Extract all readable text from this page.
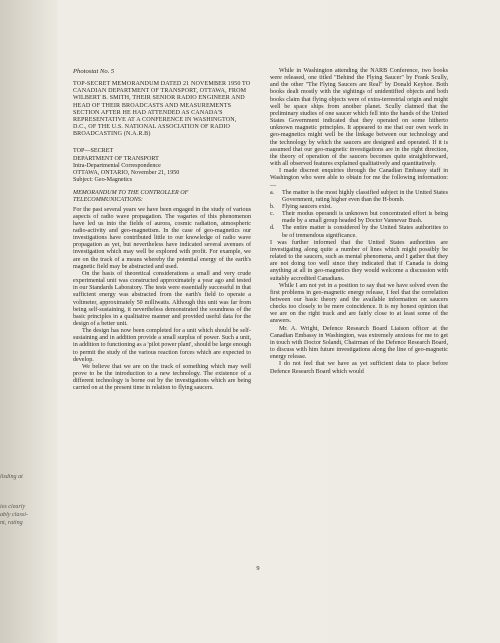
llsding at
ies clearly
ably classi-
nt, rating

Photostat No. 5

TOP-SECRET MEMORANDUM DATED 21 NOVEMBER 1950 TO CANADIAN DEPARTMENT OF TRANSPORT, OTTAWA, FROM WILBERT B. SMITH, THEIR SENIOR RADIO ENGINEER AND HEAD OF THEIR BROADCASTS AND MEASUREMENTS SECTION AFTER HE HAD ATTENDED AS CANADA'S REPRESENTATIVE AT A CONFERENCE IN WASHINGTON, D.C., OF THE U.S. NATIONAL ASSOCIATION OF RADIO BROADCASTING (N.A.R.B)

TOP—SECRET

DEPARTMENT OF TRANSPORT

Intra-Departmental Correspondence

OTTAWA, ONTARIO, November 21, 1950

Subject: Geo-Magnetics

MEMORANDUM TO THE CONTROLLER OF TELECOMMUNICATIONS:

For the past several years we have been engaged in the study of various aspects of radio wave propagation. The vagaries of this phenomenon have led us into the fields of aurora, cosmic radiation, atmospheric radio-activity and geo-magnetism. In the case of geo-magnetics our investigations have contributed little to our knowledge of radio wave propagation as yet, but nevertheless have indicated several avenues of investigation which may well be explored with profit. For example, we are on the track of a means whereby the potential energy of the earth's magnetic field may be abstracted and used.

On the basis of theoretical considerations a small and very crude experimental unit was constructed approximately a year ago and tested in our Standards Laboratory. The tests were essentially successful in that sufficient energy was abstracted from the earth's field to operate a voltmeter, approximately 50 milliwatts. Although this unit was far from being self-sustaining, it nevertheless demonstrated the soundness of the basic principles in a qualitative manner and provided useful data for the design of a better unit.

The design has now been completed for a unit which should be self-sustaining and in addition provide a small surplus of power. Such a unit, in addition to functioning as a 'pilot power plant', should be large enough to permit the study of the various reaction forces which are expected to develop.

We believe that we are on the track of something which may well prove to be the introduction to a new technology. The existence of a different technology is borne out by the investigations which are being carried on at the present time in relation to flying saucers.

While in Washington attending the NARB Conference, two books were released, one titled "Behind the Flying Saucer" by Frank Scully, and the other "The Flying Saucers are Real" by Donald Keyhoe. Both books dealt mostly with the sightings of unidentified objects and both books claim that flying objects were of extra-terrestrial origin and might well be space ships from another planet. Scully claimed that the preliminary studies of one saucer which fell into the hands of the United States Government indicated that they operated on some hitherto unknown magnetic principles. It appeared to me that our own work in geo-magnetics might well be the linkage between our technology and the technology by which the saucers are designed and operated. If it is assumed that our geo-magnetic investigations are in the right direction, the theory of operation of the saucers becomes quite straightforward, with all observed features explained qualitatively and quantitatively.

I made discreet enquiries through the Canadian Embassy staff in Washington who were able to obtain for me the following information:—

a.	The matter is the most highly classified subject in the United States Government, rating higher even than the H-bomb.
b.	Flying saucers exist.
c.	Their modus operandi is unknown but concentrated effort is being made by a small group headed by Doctor Vannevar Bush.
d.	The entire matter is considered by the United States authorities to be of tremendous significance.

I was further informed that the United States authorities are investigating along quite a number of lines which might possibly be related to the saucers, such as mental phenomena, and I gather that they are not doing too well since they indicated that if Canada is doing anything at all in geo-magnetics they would welcome a discussion with suitably accredited Canadians.

While I am not yet in a position to say that we have solved even the first problems in geo-magnetic energy release, I feel that the correlation between our basic theory and the available information on saucers checks too closely to be mere coincidence. It is my honest opinion that we are on the right track and are fairly close to at least some of the answers.

Mr. A. Wright, Defence Research Board Liaison officer at the Canadian Embassy in Washington, was extremely anxious for me to get in touch with Doctor Solandt, Chairman of the Defence Research Board, to discuss with him future investigations along the line of geo-magnetic energy release.

I do not feel that we have as yet sufficient data to place before Defence Research Board which would

9
